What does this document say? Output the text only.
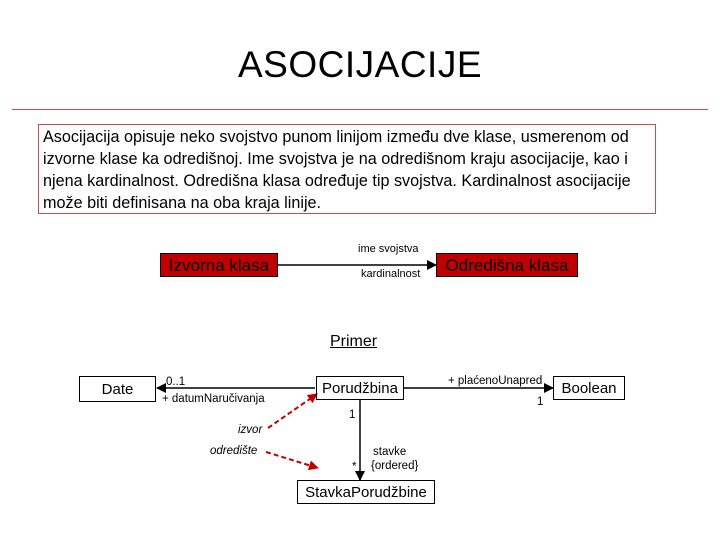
ASOCIJACIJE
Asocijacija opisuje neko svojstvo punom linijom između dve klase, usmerenom od izvorne klase ka odredišnoj. Ime svojstva je na odredišnom kraju asocijacije, kao i njena kardinalnost. Odredišna klasa određuje tip svojstva. Kardinalnost asocijacije može biti definisana na oba kraja linije.
Izvorna klasa	Odredišna klasa
ime svojstva
kardinalnost
Primer
Date	Porudžbina	Boolean
StavkaPorudžbine
0..1
+ datumNaručivanja
+ plaćenoUnapred
1
1
*
stavke
{ordered}
izvor
odredište
